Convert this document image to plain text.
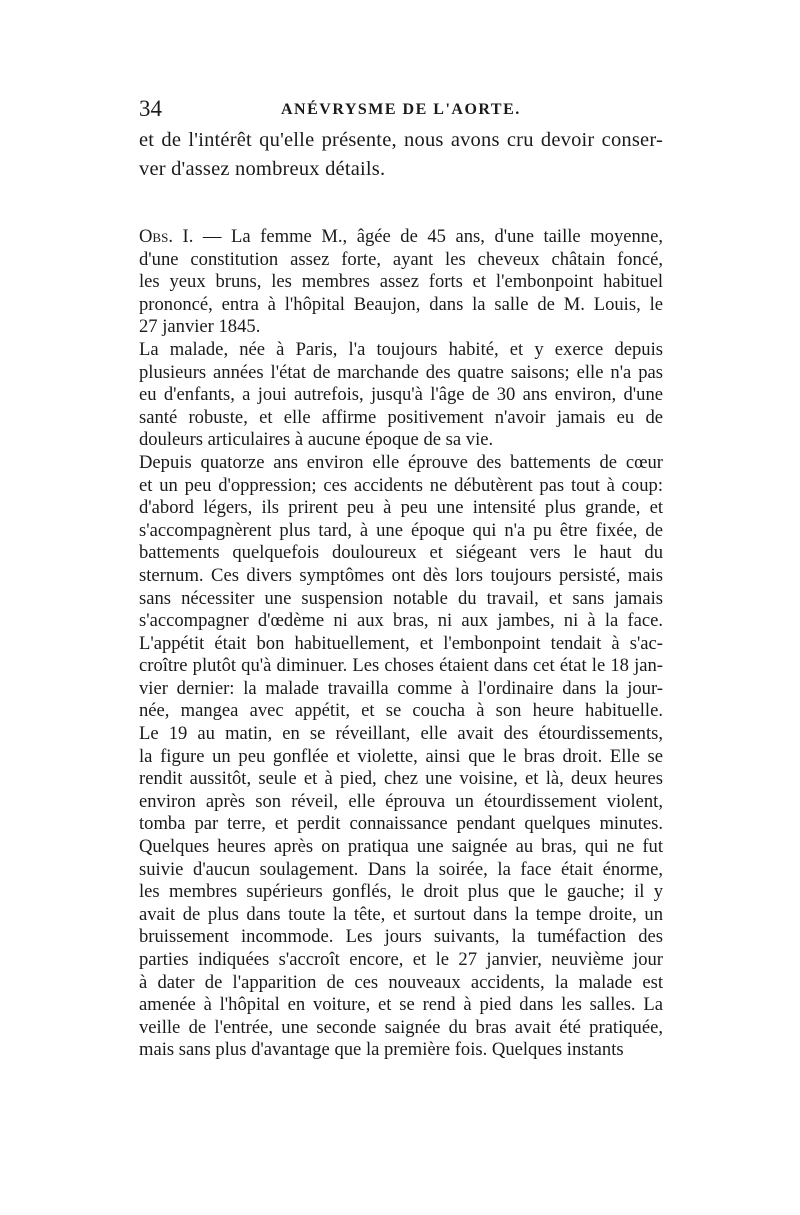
34	ANÉVRYSME DE L'AORTE.
et de l'intérêt qu'elle présente, nous avons cru devoir conser-
ver d'assez nombreux détails.
Obs. I. — La femme M., âgée de 45 ans, d'une taille moyenne,
d'une constitution assez forte, ayant les cheveux châtain foncé,
les yeux bruns, les membres assez forts et l'embonpoint habituel
prononcé, entra à l'hôpital Beaujon, dans la salle de M. Louis, le
27 janvier 1845.
La malade, née à Paris, l'a toujours habité, et y exerce depuis
plusieurs années l'état de marchande des quatre saisons; elle n'a pas
eu d'enfants, a joui autrefois, jusqu'à l'âge de 30 ans environ, d'une
santé robuste, et elle affirme positivement n'avoir jamais eu de
douleurs articulaires à aucune époque de sa vie.
Depuis quatorze ans environ elle éprouve des battements de cœur
et un peu d'oppression; ces accidents ne débutèrent pas tout à coup:
d'abord légers, ils prirent peu à peu une intensité plus grande, et
s'accompagnèrent plus tard, à une époque qui n'a pu être fixée, de
battements quelquefois douloureux et siégeant vers le haut du
sternum. Ces divers symptômes ont dès lors toujours persisté, mais
sans nécessiter une suspension notable du travail, et sans jamais
s'accompagner d'œdème ni aux bras, ni aux jambes, ni à la face.
L'appétit était bon habituellement, et l'embonpoint tendait à s'ac-
croître plutôt qu'à diminuer. Les choses étaient dans cet état le 18 jan-
vier dernier: la malade travailla comme à l'ordinaire dans la jour-
née, mangea avec appétit, et se coucha à son heure habituelle.
Le 19 au matin, en se réveillant, elle avait des étourdissements,
la figure un peu gonflée et violette, ainsi que le bras droit. Elle se
rendit aussitôt, seule et à pied, chez une voisine, et là, deux heures
environ après son réveil, elle éprouva un étourdissement violent,
tomba par terre, et perdit connaissance pendant quelques minutes.
Quelques heures après on pratiqua une saignée au bras, qui ne fut
suivie d'aucun soulagement. Dans la soirée, la face était énorme,
les membres supérieurs gonflés, le droit plus que le gauche; il y
avait de plus dans toute la tête, et surtout dans la tempe droite, un
bruissement incommode. Les jours suivants, la tuméfaction des
parties indiquées s'accroît encore, et le 27 janvier, neuvième jour
à dater de l'apparition de ces nouveaux accidents, la malade est
amenée à l'hôpital en voiture, et se rend à pied dans les salles. La
veille de l'entrée, une seconde saignée du bras avait été pratiquée,
mais sans plus d'avantage que la première fois. Quelques instants
